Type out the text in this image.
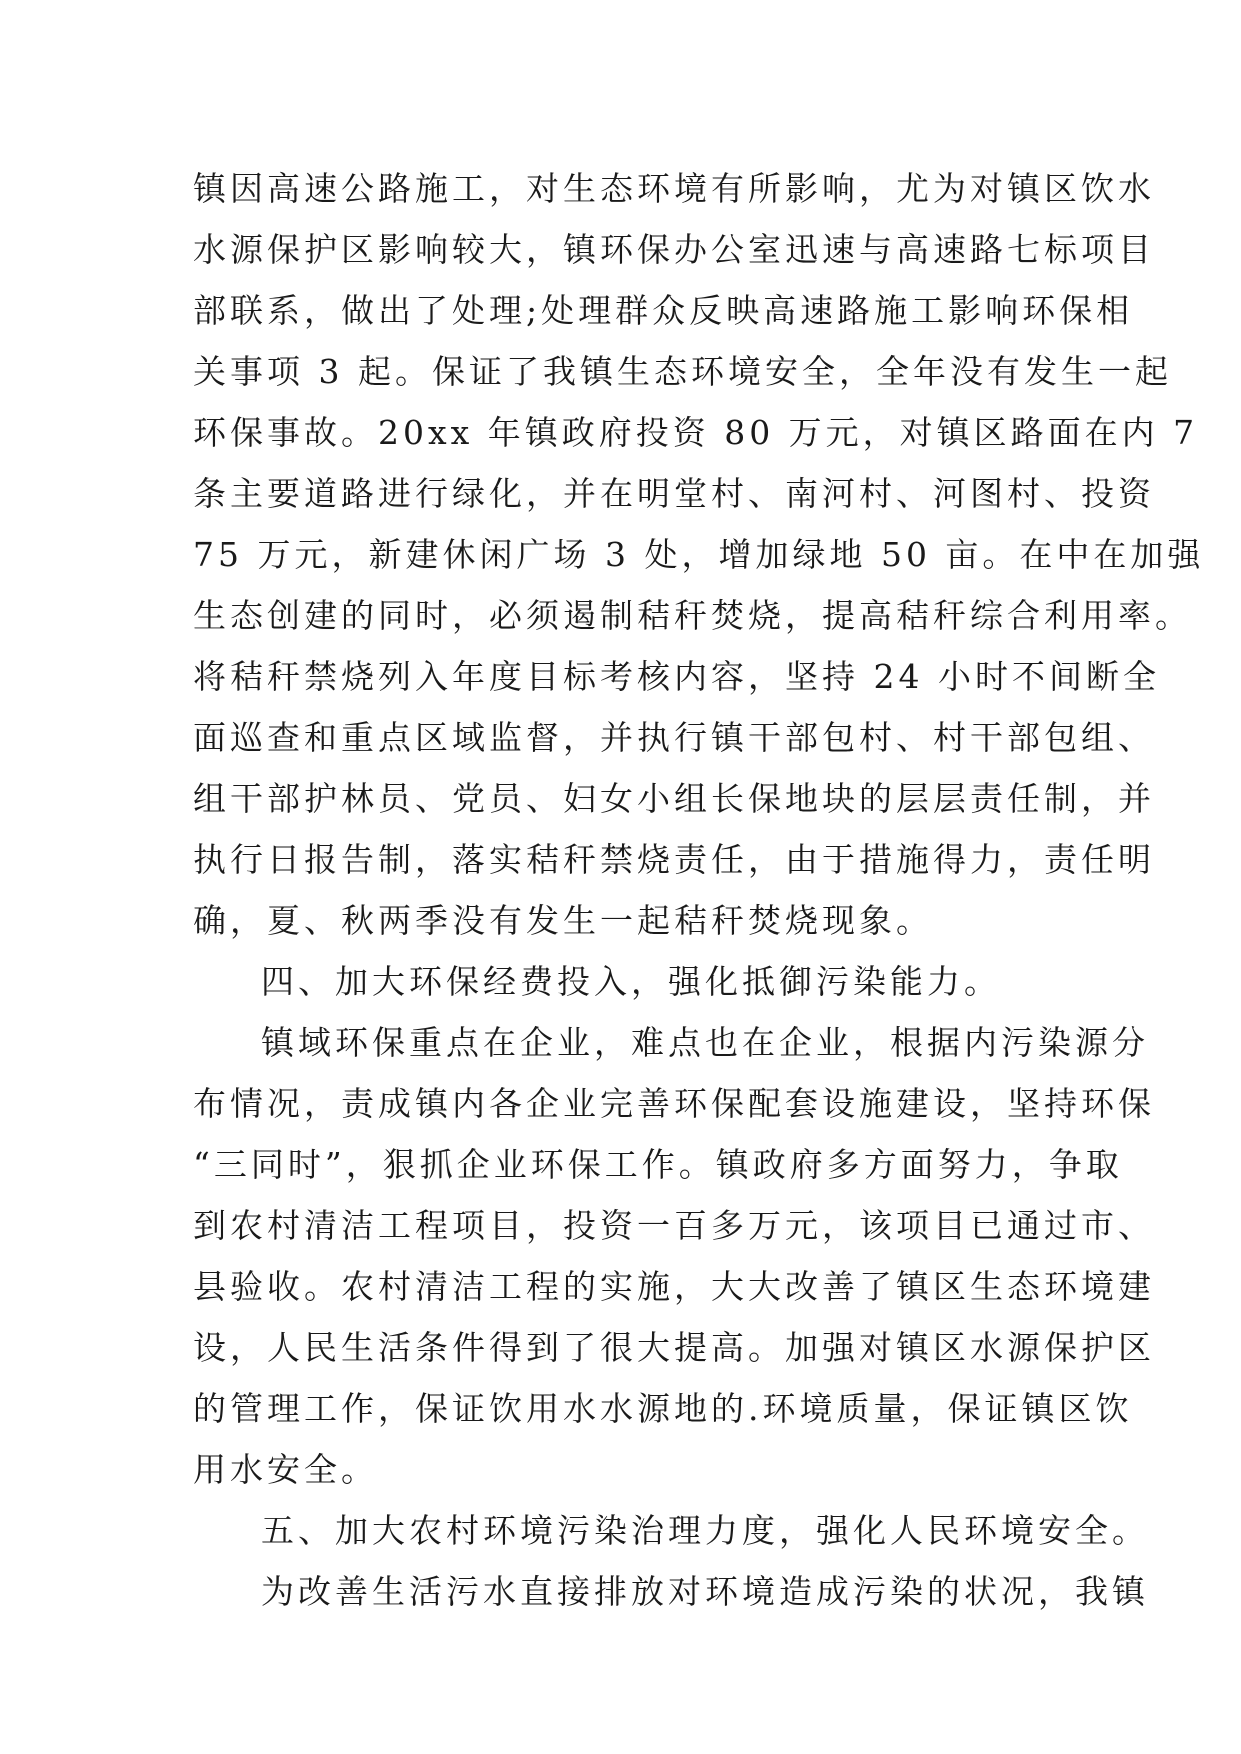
镇因高速公路施工，对生态环境有所影响，尤为对镇区饮水
水源保护区影响较大，镇环保办公室迅速与高速路七标项目
部联系，做出了处理;处理群众反映高速路施工影响环保相
关事项 3 起。保证了我镇生态环境安全，全年没有发生一起
环保事故。20xx 年镇政府投资 80 万元，对镇区路面在内 7
条主要道路进行绿化，并在明堂村、南河村、河图村、投资
75 万元，新建休闲广场 3 处，增加绿地 50 亩。在中在加强
生态创建的同时，必须遏制秸秆焚烧，提高秸秆综合利用率。
将秸秆禁烧列入年度目标考核内容，坚持 24 小时不间断全
面巡查和重点区域监督，并执行镇干部包村、村干部包组、
组干部护林员、党员、妇女小组长保地块的层层责任制，并
执行日报告制，落实秸秆禁烧责任，由于措施得力，责任明
确，夏、秋两季没有发生一起秸秆焚烧现象。
四、加大环保经费投入，强化抵御污染能力。
镇域环保重点在企业，难点也在企业，根据内污染源分
布情况，责成镇内各企业完善环保配套设施建设，坚持环保
“三同时”，狠抓企业环保工作。镇政府多方面努力，争取
到农村清洁工程项目，投资一百多万元，该项目已通过市、
县验收。农村清洁工程的实施，大大改善了镇区生态环境建
设，人民生活条件得到了很大提高。加强对镇区水源保护区
的管理工作，保证饮用水水源地的.环境质量，保证镇区饮
用水安全。
五、加大农村环境污染治理力度，强化人民环境安全。
为改善生活污水直接排放对环境造成污染的状况，我镇
